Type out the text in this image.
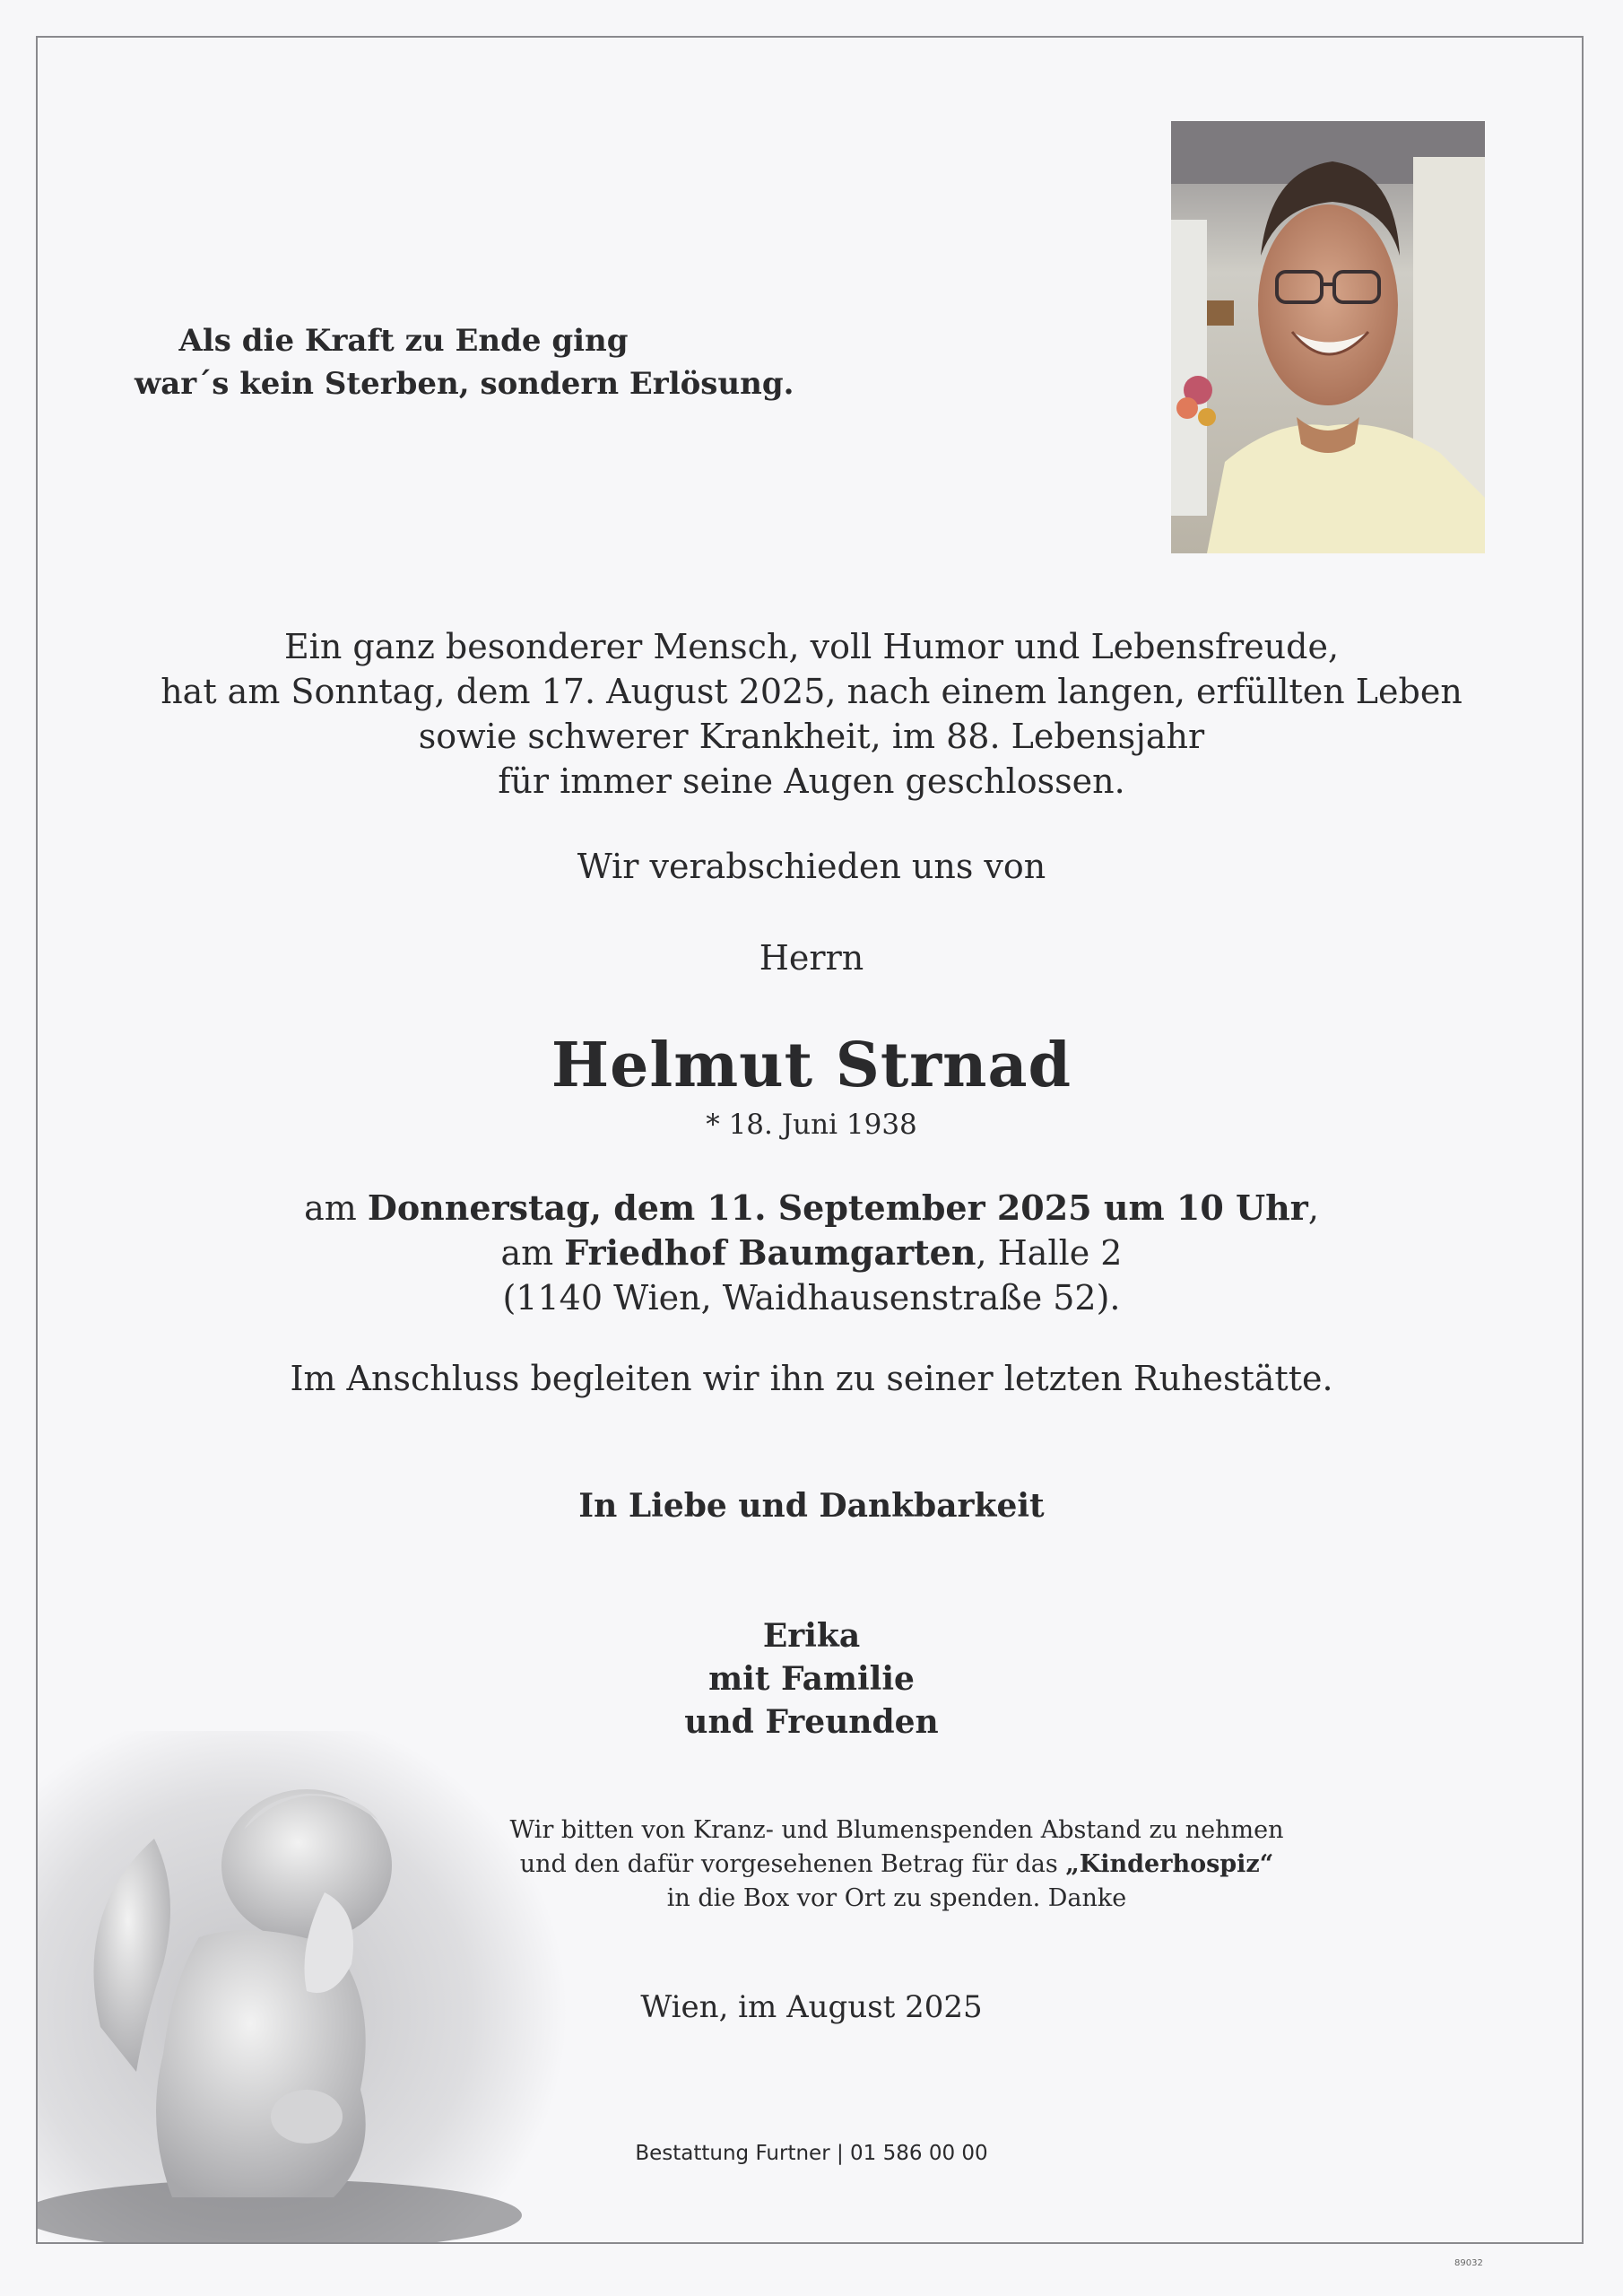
Als die Kraft zu Ende ging
war´s kein Sterben, sondern Erlösung.
Ein ganz besonderer Mensch, voll Humor und Lebensfreude,
hat am Sonntag, dem 17. August 2025, nach einem langen, erfüllten Leben
sowie schwerer Krankheit, im 88. Lebensjahr
für immer seine Augen geschlossen.
Wir verabschieden uns von
Herrn
Helmut Strnad
* 18. Juni 1938
am Donnerstag, dem 11. September 2025 um 10 Uhr,
am Friedhof Baumgarten, Halle 2
(1140 Wien, Waidhausenstraße 52).
Im Anschluss begleiten wir ihn zu seiner letzten Ruhestätte.
In Liebe und Dankbarkeit
Erika
mit Familie
und Freunden
Wir bitten von Kranz- und Blumenspenden Abstand zu nehmen
und den dafür vorgesehenen Betrag für das „Kinderhospiz“
in die Box vor Ort zu spenden. Danke
Wien, im August 2025
Bestattung Furtner | 01 586 00 00
89032
